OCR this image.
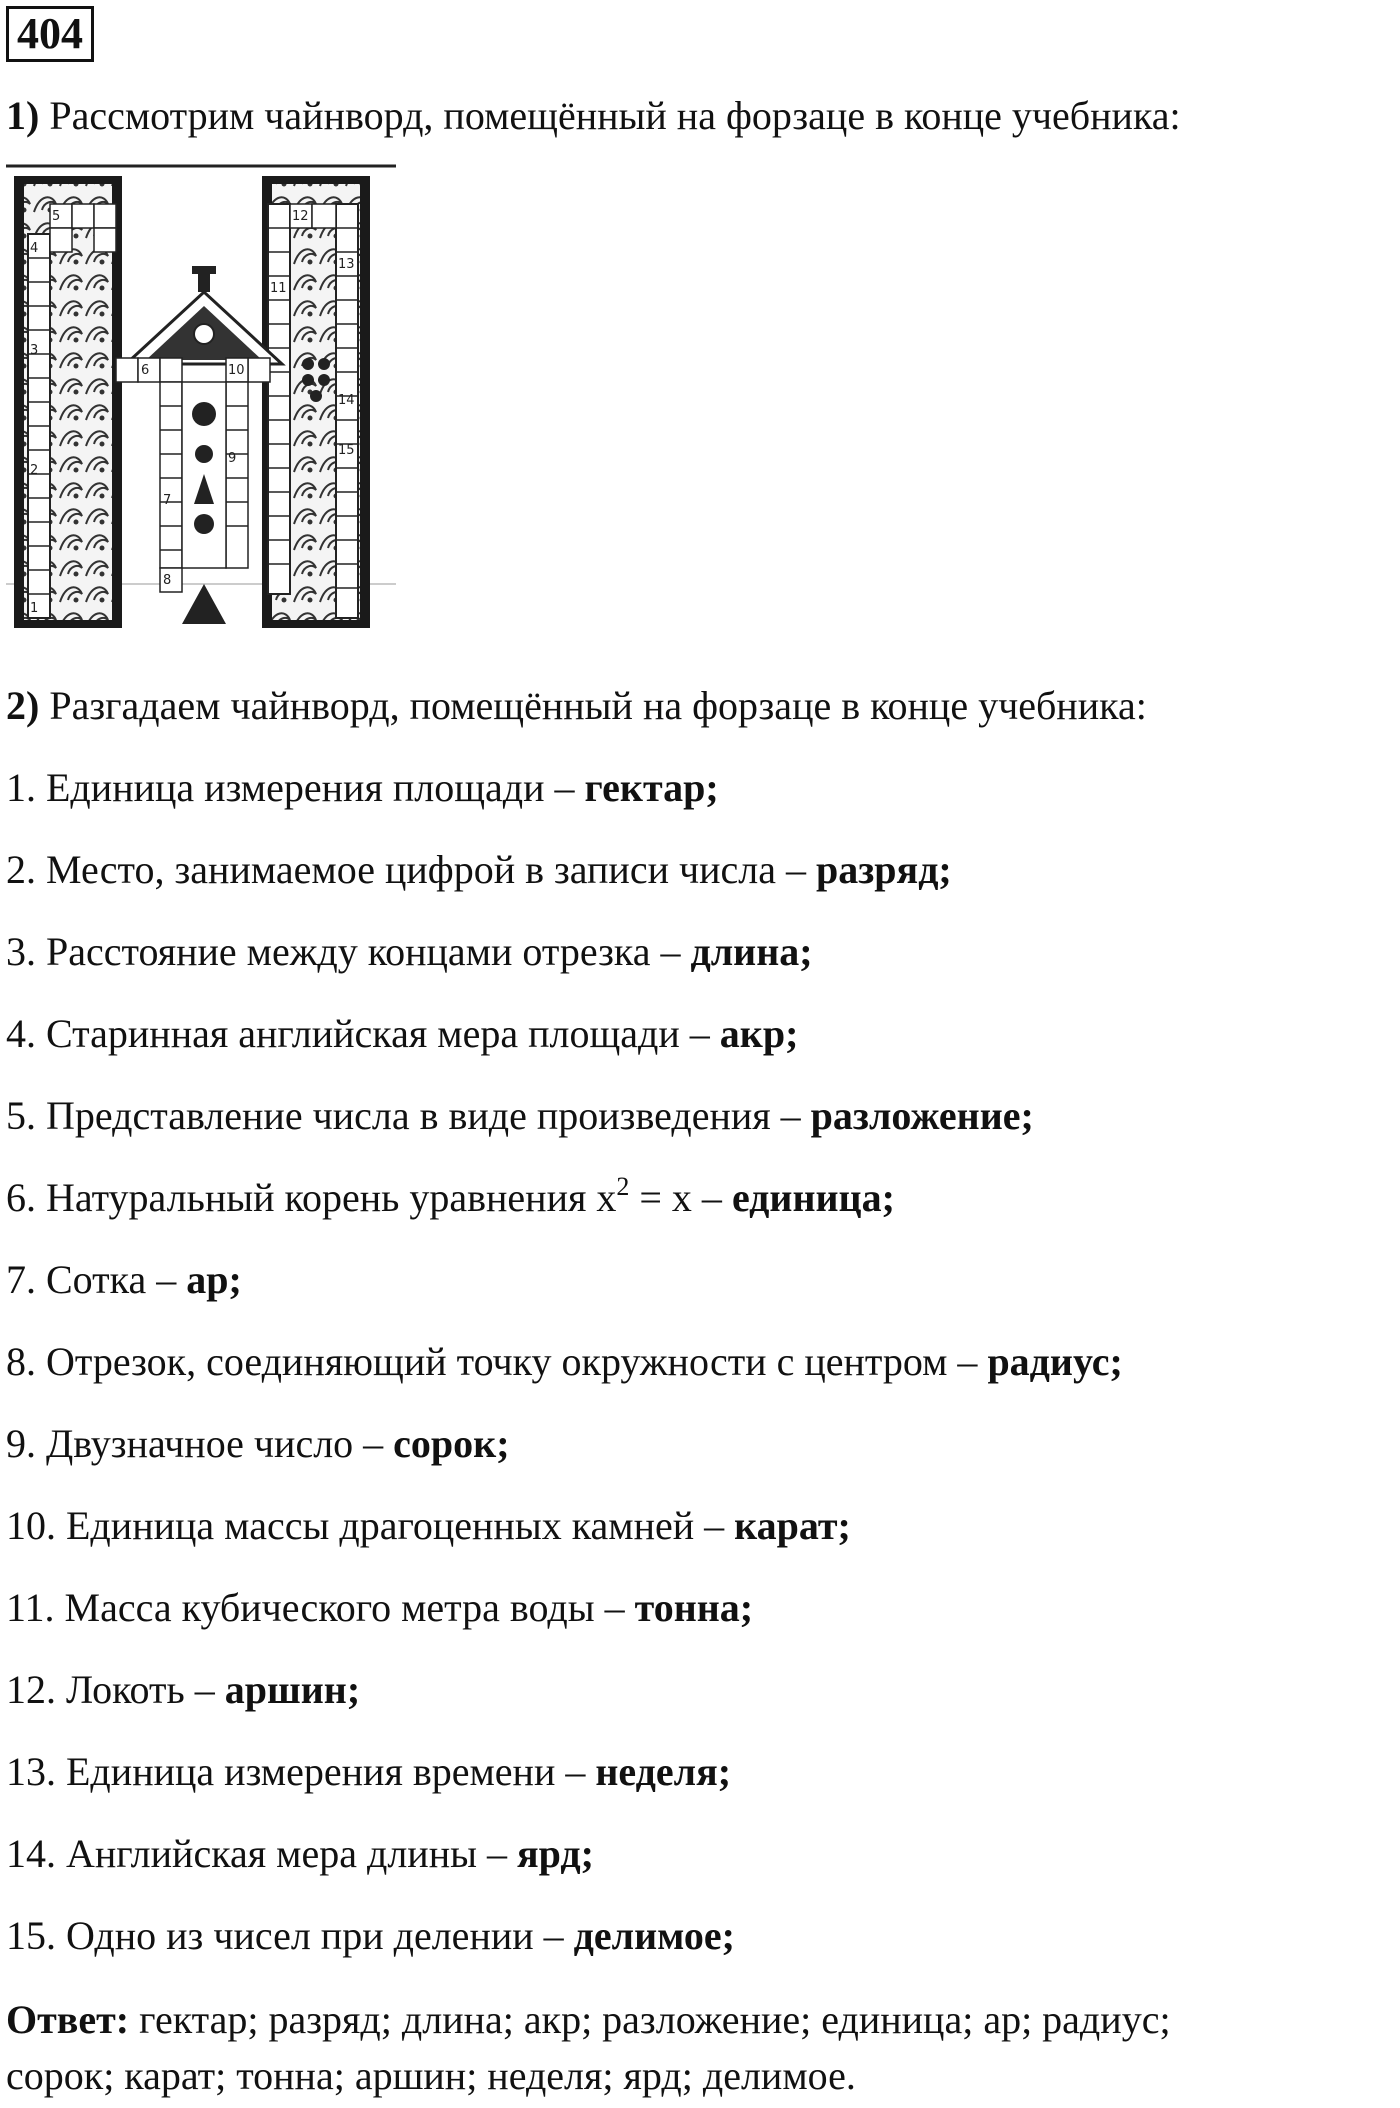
404
1) Рассмотрим чайнворд, помещённый на форзаце в конце учебника:
1
2
3
4
5
6
7
8
9
10
11
12
13
14
15
2) Разгадаем чайнворд, помещённый на форзаце в конце учебника:
1. Единица измерения площади – гектар;
2. Место, занимаемое цифрой в записи числа – разряд;
3. Расстояние между концами отрезка – длина;
4. Старинная английская мера площади – акр;
5. Представление числа в виде произведения – разложение;
6. Натуральный корень уравнения $x^2 = x$ – единица;
7. Сотка – ар;
8. Отрезок, соединяющий точку окружности с центром – радиус;
9. Двузначное число – сорок;
10. Единица массы драгоценных камней – карат;
11. Масса кубического метра воды – тонна;
12. Локоть – аршин;
13. Единица измерения времени – неделя;
14. Английская мера длины – ярд;
15. Одно из чисел при делении – делимое;
Ответ: гектар; разряд; длина; акр; разложение; единица; ар; радиус;
сорок; карат; тонна; аршин; неделя; ярд; делимое.
